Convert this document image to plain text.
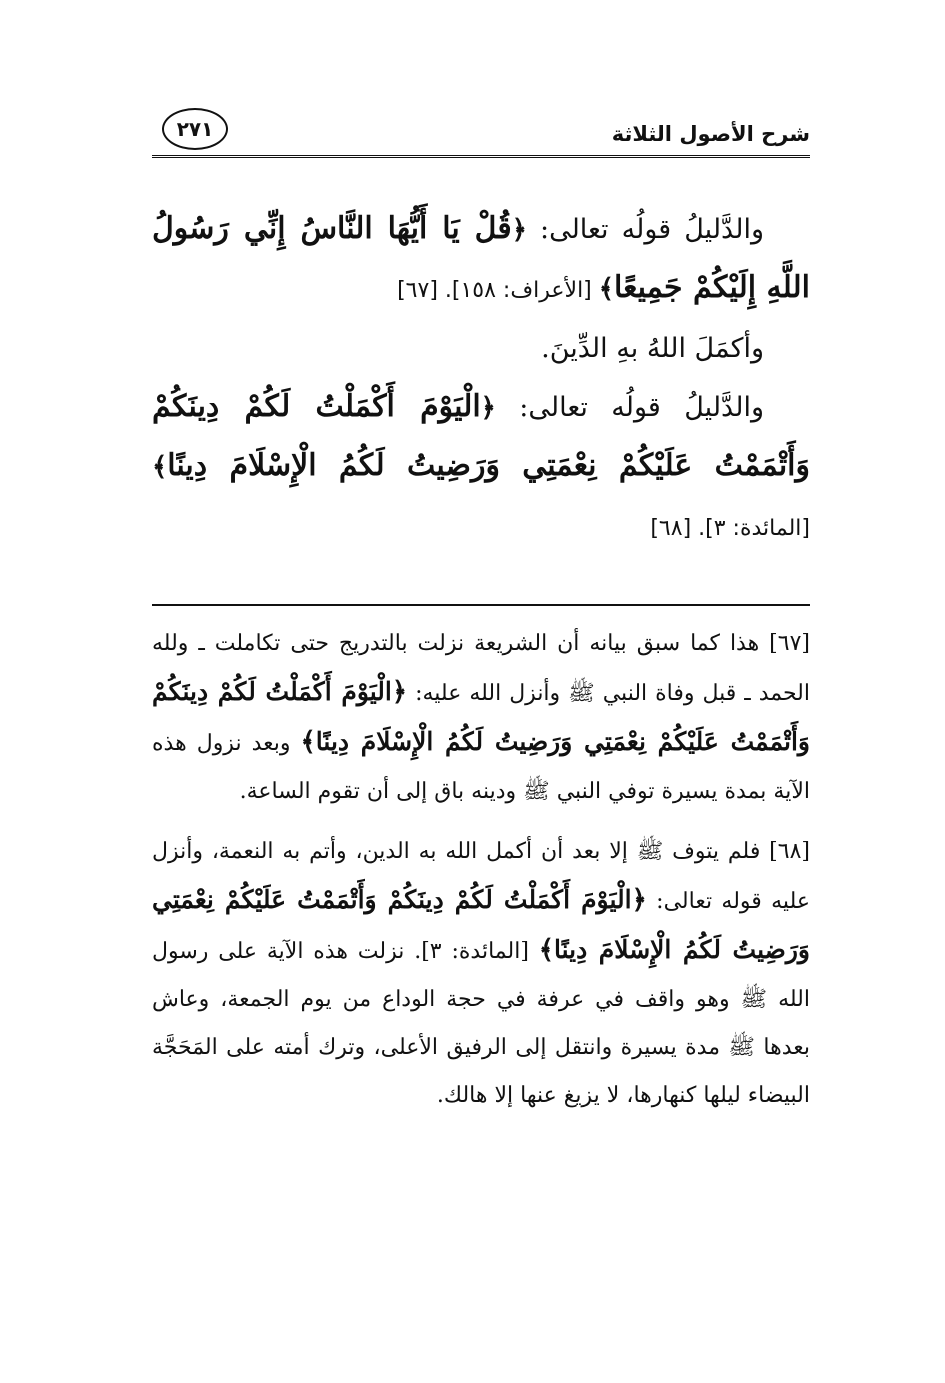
شرح الأصول الثلاثة
٢٧١

والدَّليلُ قولُه تعالى: ﴿قُلْ يَا أَيُّهَا النَّاسُ إِنِّي رَسُولُ اللَّهِ إِلَيْكُمْ جَمِيعًا﴾ [الأعراف: ١٥٨]. [٦٧]

وأكمَلَ اللهُ بهِ الدِّينَ.

والدَّليلُ قولُه تعالى: ﴿الْيَوْمَ أَكْمَلْتُ لَكُمْ دِينَكُمْ وَأَتْمَمْتُ عَلَيْكُمْ نِعْمَتِي وَرَضِيتُ لَكُمُ الْإِسْلَامَ دِينًا﴾ [المائدة: ٣]. [٦٨]

[٦٧] هذا كما سبق بيانه أن الشريعة نزلت بالتدريج حتى تكاملت ـ ولله الحمد ـ قبل وفاة النبي ﷺ وأنزل الله عليه: ﴿الْيَوْمَ أَكْمَلْتُ لَكُمْ دِينَكُمْ وَأَتْمَمْتُ عَلَيْكُمْ نِعْمَتِي وَرَضِيتُ لَكُمُ الْإِسْلَامَ دِينًا﴾ وبعد نزول هذه الآية بمدة يسيرة توفي النبي ﷺ ودينه باق إلى أن تقوم الساعة.

[٦٨] فلم يتوف ﷺ إلا بعد أن أكمل الله به الدين، وأتم به النعمة، وأنزل عليه قوله تعالى: ﴿الْيَوْمَ أَكْمَلْتُ لَكُمْ دِينَكُمْ وَأَتْمَمْتُ عَلَيْكُمْ نِعْمَتِي وَرَضِيتُ لَكُمُ الْإِسْلَامَ دِينًا﴾ [المائدة: ٣]. نزلت هذه الآية على رسول الله ﷺ وهو واقف في عرفة في حجة الوداع من يوم الجمعة، وعاش بعدها ﷺ مدة يسيرة وانتقل إلى الرفيق الأعلى، وترك أمته على المَحَجَّة البيضاء ليلها كنهارها، لا يزيغ عنها إلا هالك.
